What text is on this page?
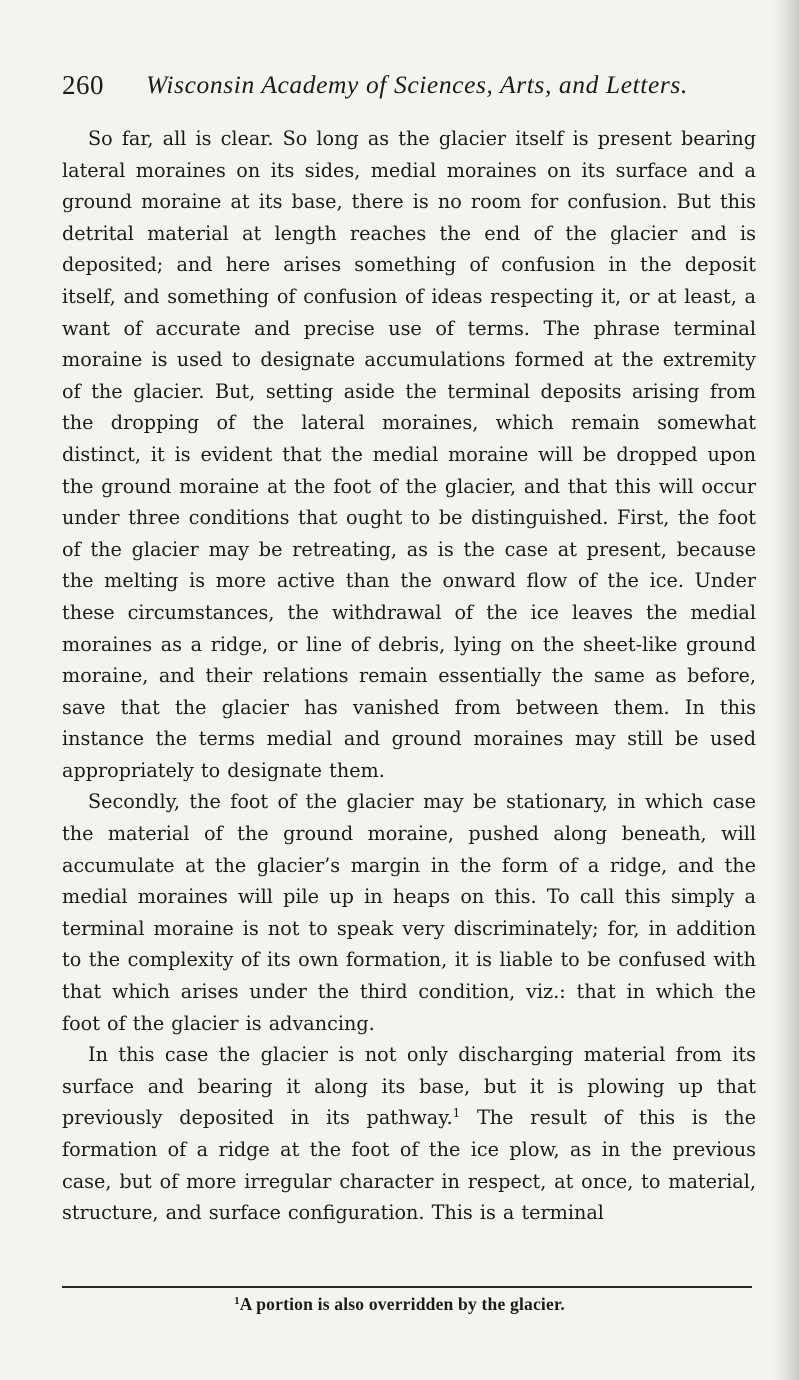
260 Wisconsin Academy of Sciences, Arts, and Letters.

So far, all is clear. So long as the glacier itself is present bearing lateral moraines on its sides, medial moraines on its surface and a ground moraine at its base, there is no room for confusion. But this detrital material at length reaches the end of the glacier and is deposited; and here arises something of confusion in the deposit itself, and something of confusion of ideas respecting it, or at least, a want of accurate and precise use of terms. The phrase terminal moraine is used to designate accumulations formed at the extremity of the glacier. But, setting aside the terminal deposits arising from the dropping of the lateral moraines, which remain somewhat distinct, it is evident that the medial moraine will be dropped upon the ground moraine at the foot of the glacier, and that this will occur under three conditions that ought to be distinguished. First, the foot of the glacier may be retreating, as is the case at present, because the melting is more active than the onward flow of the ice. Under these circumstances, the withdrawal of the ice leaves the medial moraines as a ridge, or line of debris, lying on the sheet-like ground moraine, and their relations remain essentially the same as before, save that the glacier has vanished from between them. In this instance the terms medial and ground moraines may still be used appropriately to designate them.

Secondly, the foot of the glacier may be stationary, in which case the material of the ground moraine, pushed along beneath, will accumulate at the glacier’s margin in the form of a ridge, and the medial moraines will pile up in heaps on this. To call this simply a terminal moraine is not to speak very discriminately; for, in addition to the complexity of its own formation, it is liable to be confused with that which arises under the third condition, viz.: that in which the foot of the glacier is advancing.

In this case the glacier is not only discharging material from its surface and bearing it along its base, but it is plowing up that previously deposited in its pathway.$^1$ The result of this is the formation of a ridge at the foot of the ice plow, as in the previous case, but of more irregular character in respect, at once, to material, structure, and surface configuration. This is a terminal

$^1$A portion is also overridden by the glacier.
